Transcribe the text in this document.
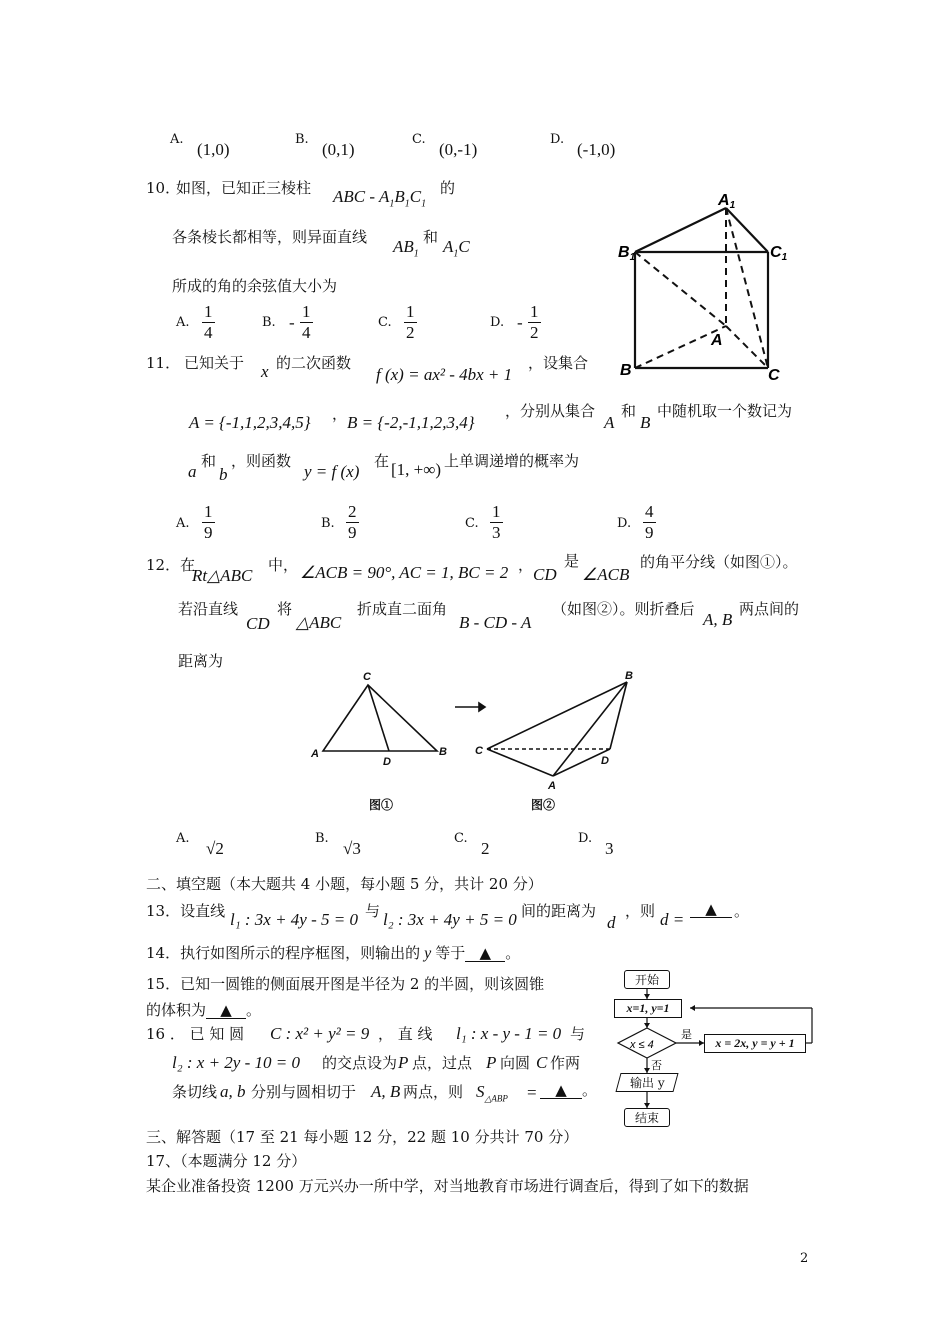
A.
(1,0)
B.
(0,1)
C.
(0,-1)
D.
(-1,0)
10．
如图，已知正三棱柱 ABC - $A_1B_1C_1$
的
各条棱长都相等，则异面直线 $AB_1$
和 $A_1C$
所成的角的余弦值大小为
A. $\frac{1}{4}$	B. - $\frac{1}{4}$	C. $\frac{1}{2}$	D. - $\frac{1}{2}$
A1
B1	C1
A
B	C
11． 已知关于 x 的二次函数
f (x) = ax² - 4bx + 1
，设集合
A = {-1,1,2,3,4,5} ， B = {-2,-1,1,2,3,4}
，分别从集合
A
和
B
中随机取一个数记为
a
和
b
，则函数
y = f (x)
在 [1, +∞) 上单调递增的概率为
A. $\frac{1}{9}$	B. $\frac{2}{9}$	C. $\frac{1}{3}$	D. $\frac{4}{9}$
12．在
Rt△ABC
中， ∠ACB = 90°, AC = 1, BC = 2 ， CD
是
∠ACB
的角平分线（如图①）。
若沿直线
CD
将
△ABC
折成直二面角
B - CD - A
（如图②）。则折叠后
A, B
两点间的
距离为
C
A
D
B
B
C
D
A
图①	图②
A.
√2
B.
√3
C.
2
D.
3
二、填空题（本大题共 4 小题，每小题 5 分，共计 20 分）
13．设直线 l₁ : 3x + 4y - 5 = 0 与 l₂ : 3x + 4y + 5 = 0 间的距离为
d
，则 d =
▲	。
14．执行如图所示的程序框图，则输出的 y 等于 ▲ 。
15．已知一圆锥的侧面展开图是半径为 2 的半圆，则该圆锥
的体积为 ▲ 。
16 ． 已 知 圆 C : x² + y² = 9 ， 直 线 l₁ : x - y - 1 = 0 与
l₂ : x + 2y - 10 = 0 的交点设为 P 点，过点 P 向圆 C 作两
条切线 a, b 分别与圆相切于 A, B 两点，则 $S_{\triangle ABP}$ =	▲ 。
x ≤ 4
是
否
开始
x=1, y=1
x = 2x, y = y + 1
输出 y
结束
三、解答题（17 至 21 每小题 12 分，22 题 10 分共计 70 分）
17、（本题满分 12 分）
某企业准备投资 1200 万元兴办一所中学，对当地教育市场进行调查后，得到了如下的数据
2
